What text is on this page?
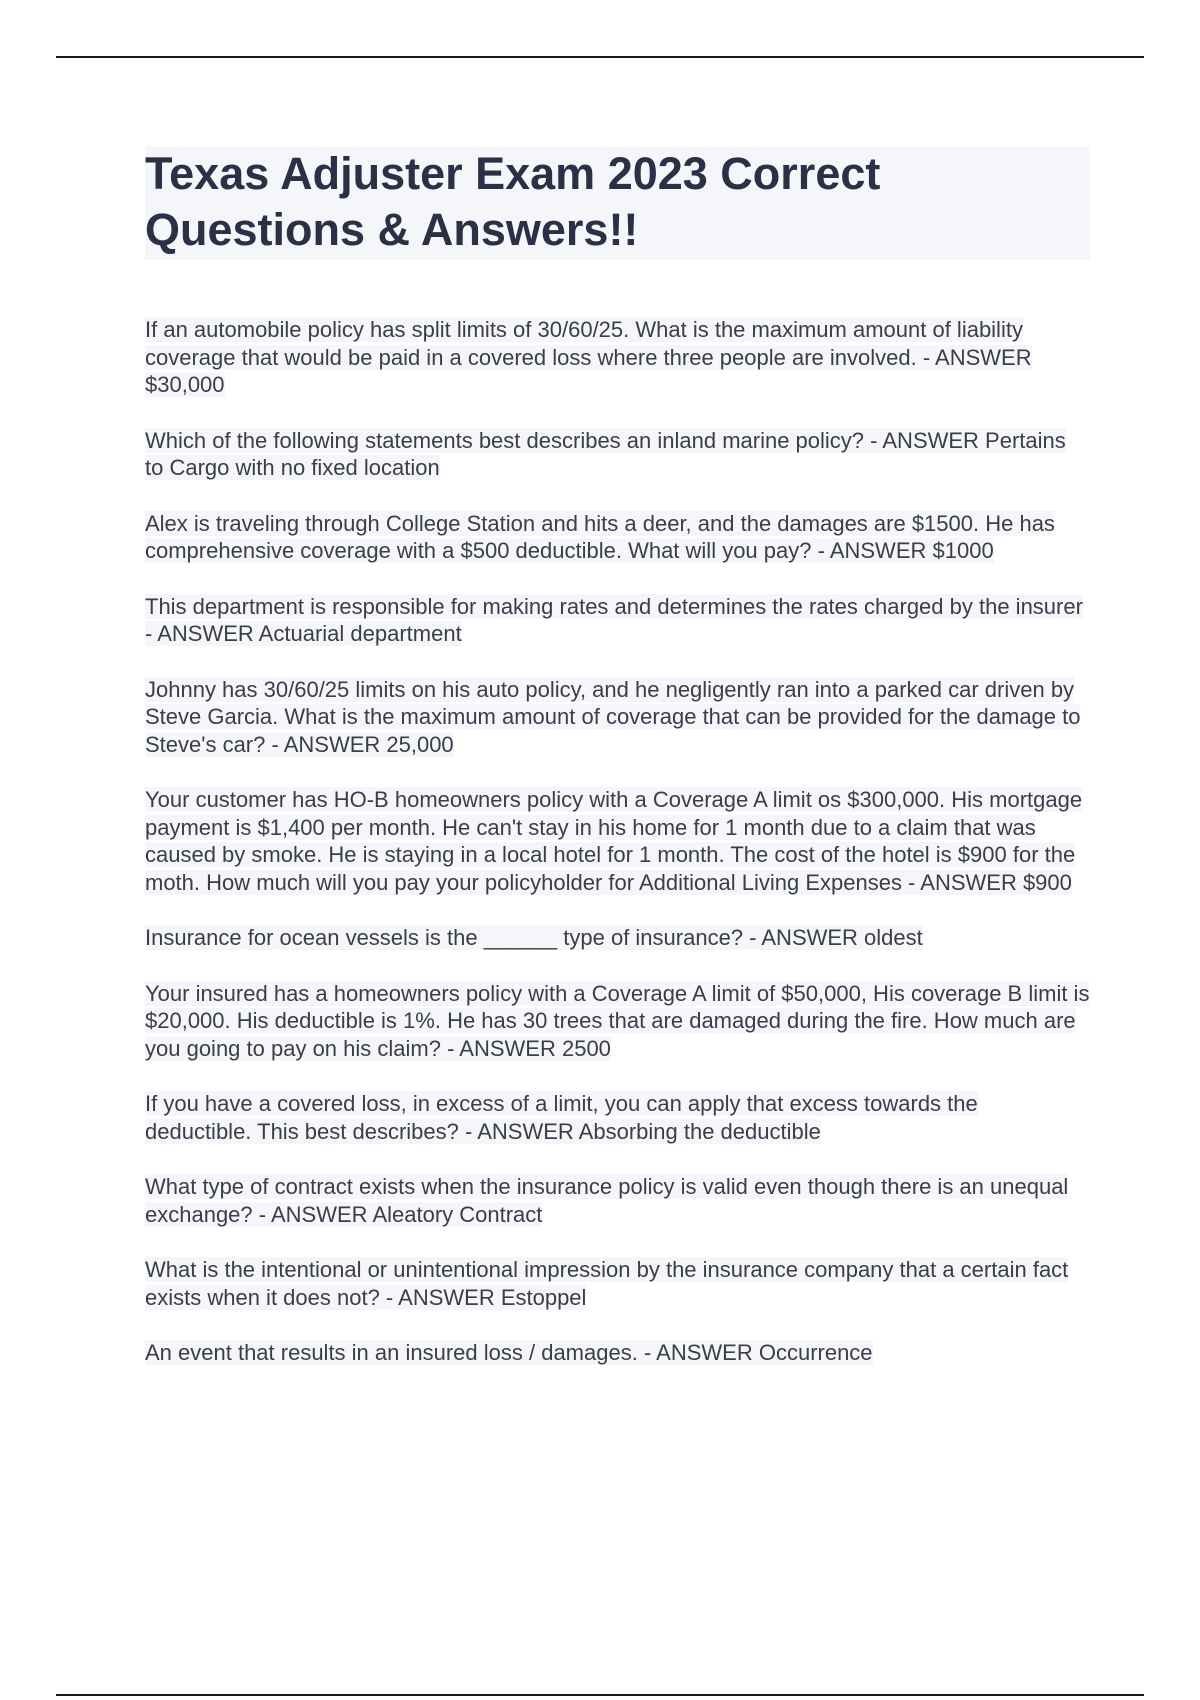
Texas Adjuster Exam 2023 Correct Questions & Answers!!
If an automobile policy has split limits of 30/60/25. What is the maximum amount of liability coverage that would be paid in a covered loss where three people are involved. - ANSWER $30,000
Which of the following statements best describes an inland marine policy? - ANSWER Pertains to Cargo with no fixed location
Alex is traveling through College Station and hits a deer, and the damages are $1500. He has comprehensive coverage with a $500 deductible. What will you pay? - ANSWER $1000
This department is responsible for making rates and determines the rates charged by the insurer - ANSWER Actuarial department
Johnny has 30/60/25 limits on his auto policy, and he negligently ran into a parked car driven by Steve Garcia. What is the maximum amount of coverage that can be provided for the damage to Steve's car? - ANSWER 25,000
Your customer has HO-B homeowners policy with a Coverage A limit os $300,000. His mortgage payment is $1,400 per month. He can't stay in his home for 1 month due to a claim that was caused by smoke. He is staying in a local hotel for 1 month. The cost of the hotel is $900 for the moth. How much will you pay your policyholder for Additional Living Expenses - ANSWER $900
Insurance for ocean vessels is the ______ type of insurance? - ANSWER oldest
Your insured has a homeowners policy with a Coverage A limit of $50,000, His coverage B limit is $20,000. His deductible is 1%. He has 30 trees that are damaged during the fire. How much are you going to pay on his claim? - ANSWER 2500
If you have a covered loss, in excess of a limit, you can apply that excess towards the deductible. This best describes? - ANSWER Absorbing the deductible
What type of contract exists when the insurance policy is valid even though there is an unequal exchange? - ANSWER Aleatory Contract
What is the intentional or unintentional impression by the insurance company that a certain fact exists when it does not? - ANSWER Estoppel
An event that results in an insured loss / damages. - ANSWER Occurrence
